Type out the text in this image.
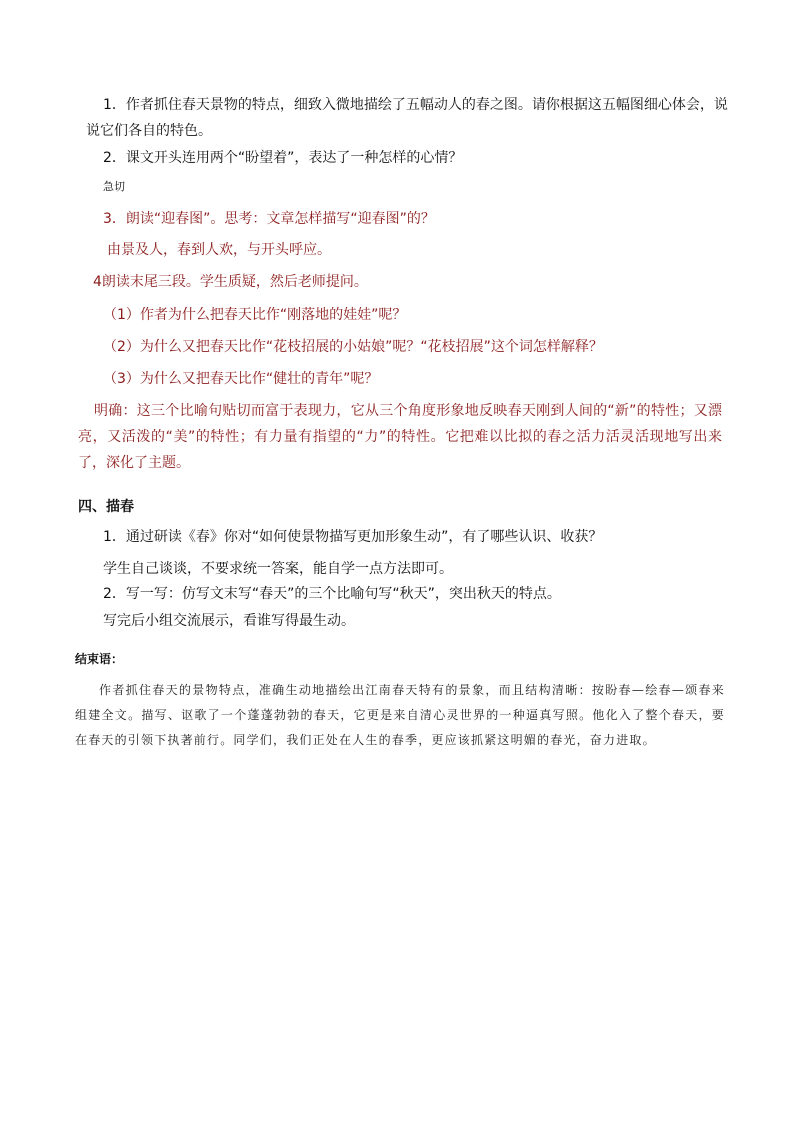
1．作者抓住春天景物的特点，细致入微地描绘了五幅动人的春之图。请你根据这五幅图细心体会，说
说它们各自的特色。
2．课文开头连用两个“盼望着”，表达了一种怎样的心情？
急切
3．朗读“迎春图”。思考：文章怎样描写“迎春图”的？
由景及人，春到人欢，与开头呼应。
4朗读末尾三段。学生质疑，然后老师提问。
（1）作者为什么把春天比作“刚落地的娃娃”呢？
（2）为什么又把春天比作“花枝招展的小姑娘”呢？“花枝招展”这个词怎样解释？
（3）为什么又把春天比作“健壮的青年”呢？
明确：这三个比喻句贴切而富于表现力，它从三个角度形象地反映春天刚到人间的“新”的特性；又漂亮，又活泼的“美”的特性；有力量有指望的“力”的特性。它把难以比拟的春之活力活灵活现地写出来了，深化了主题。
四、描春
1．通过研读《春》你对“如何使景物描写更加形象生动”，有了哪些认识、收获？
学生自己谈谈，不要求统一答案，能自学一点方法即可。
2．写一写：仿写文末写“春天”的三个比喻句写“秋天”，突出秋天的特点。
写完后小组交流展示，看谁写得最生动。
结束语：
作者抓住春天的景物特点，准确生动地描绘出江南春天特有的景象，而且结构清晰：按盼春—绘春—颂春来组建全文。描写、讴歌了一个蓬蓬勃勃的春天，它更是来自清心灵世界的一种逼真写照。他化入了整个春天，要在春天的引领下执著前行。同学们，我们正处在人生的春季，更应该抓紧这明媚的春光，奋力进取。
